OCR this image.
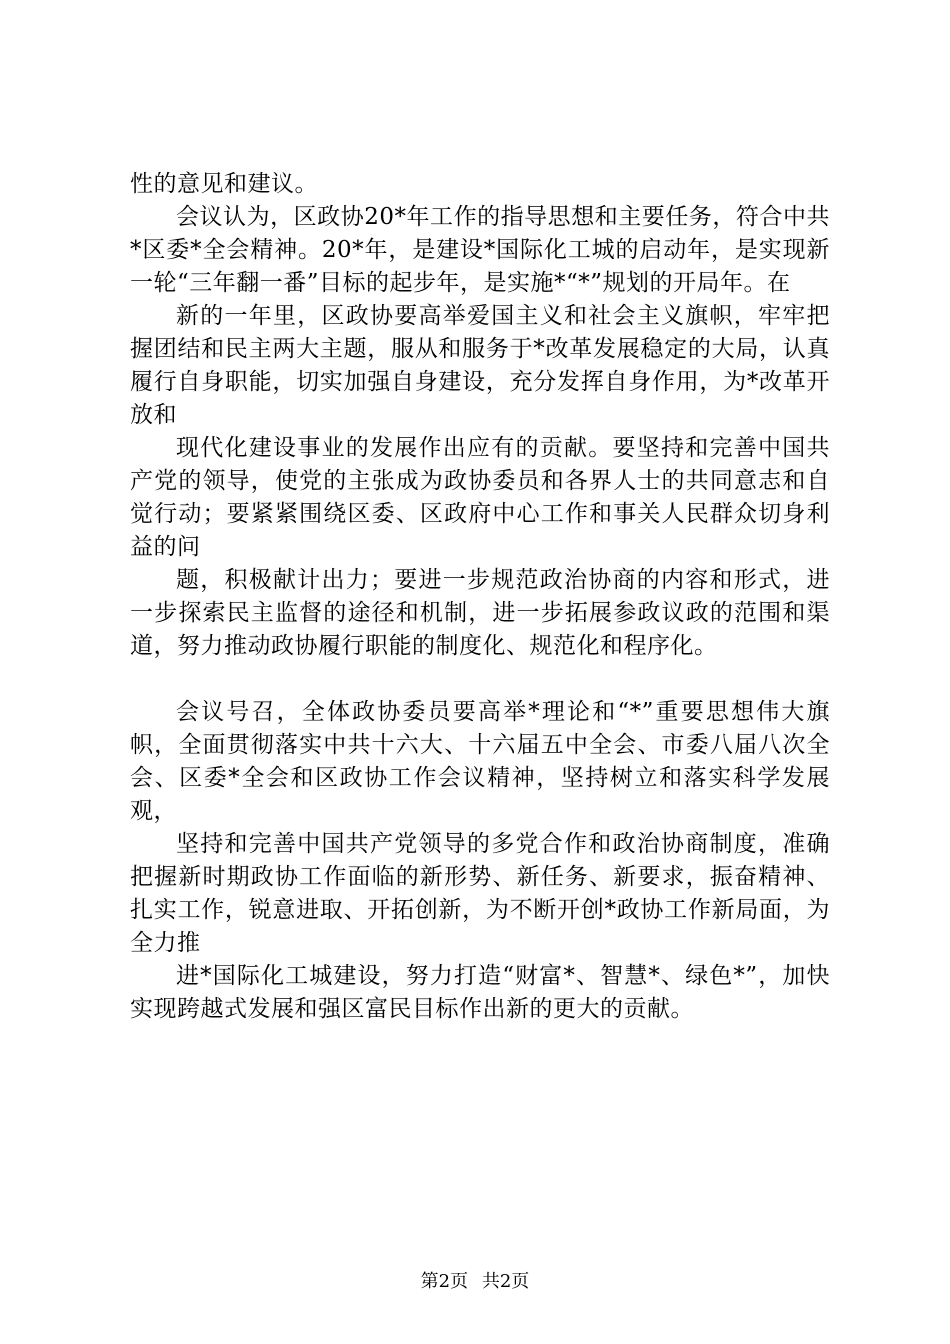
性的意见和建议。

会议认为，区政协20*年工作的指导思想和主要任务，符合中共*区委*全会精神。20*年，是建设*国际化工城的启动年，是实现新一轮“三年翻一番”目标的起步年，是实施*“*”规划的开局年。在

新的一年里，区政协要高举爱国主义和社会主义旗帜，牢牢把握团结和民主两大主题，服从和服务于*改革发展稳定的大局，认真履行自身职能，切实加强自身建设，充分发挥自身作用，为*改革开放和

现代化建设事业的发展作出应有的贡献。要坚持和完善中国共产党的领导，使党的主张成为政协委员和各界人士的共同意志和自觉行动；要紧紧围绕区委、区政府中心工作和事关人民群众切身利益的问

题，积极献计出力；要进一步规范政治协商的内容和形式，进一步探索民主监督的途径和机制，进一步拓展参政议政的范围和渠道，努力推动政协履行职能的制度化、规范化和程序化。

会议号召，全体政协委员要高举*理论和“*”重要思想伟大旗帜，全面贯彻落实中共十六大、十六届五中全会、市委八届八次全会、区委*全会和区政协工作会议精神，坚持树立和落实科学发展观，

坚持和完善中国共产党领导的多党合作和政治协商制度，准确把握新时期政协工作面临的新形势、新任务、新要求，振奋精神、扎实工作，锐意进取、开拓创新，为不断开创*政协工作新局面，为全力推

进*国际化工城建设，努力打造“财富*、智慧*、绿色*”，加快实现跨越式发展和强区富民目标作出新的更大的贡献。

第2页 共2页
